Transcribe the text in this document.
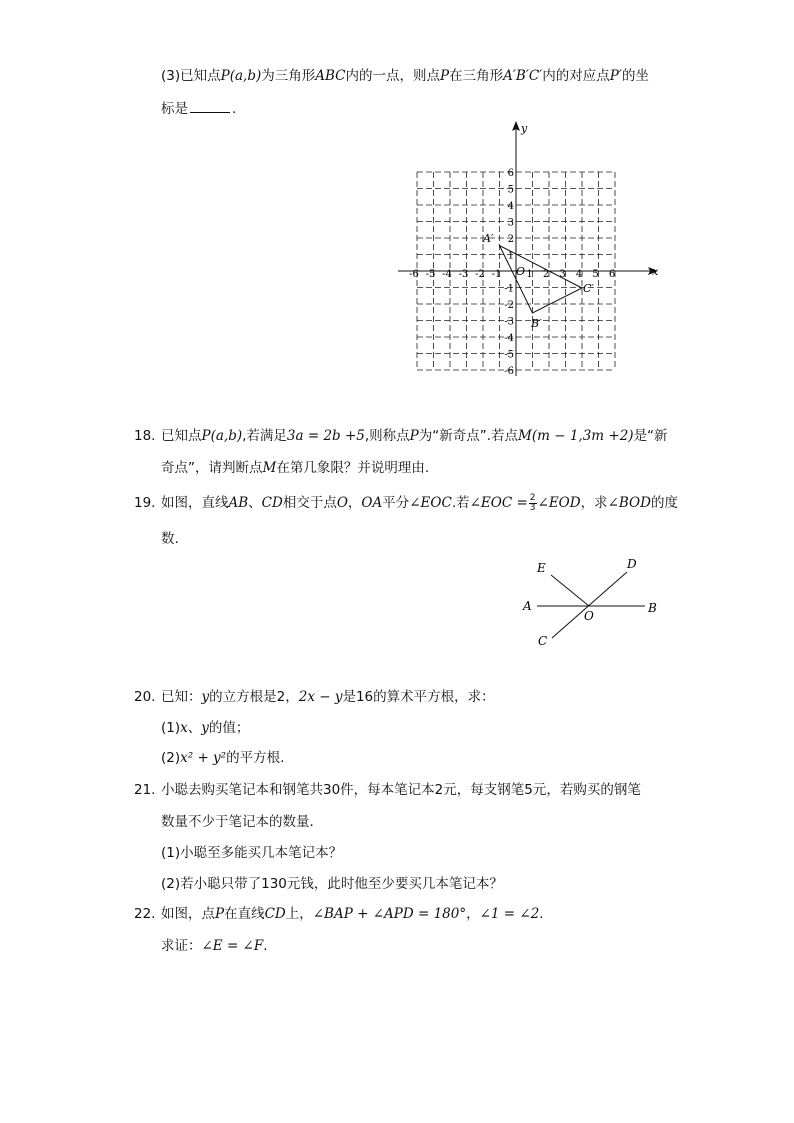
(3)已知点P(a,b)为三角形ABC内的一点，则点P在三角形A′B′C′内的对应点P′的坐
标是	.
x
y
O
-6 -5 -4 -3 -2 -1 1 2 3 4 5 6
6
5
4
3
2
1
-1
-2
-3
-4
-5
-6
A′
B′
C′
18. 已知点P(a,b),若满足3a = 2b +5,则称点P为“新奇点”.若点M(m − 1,3m +2)是“新
奇点”，请判断点M在第几象限？并说明理由.
19. 如图，直线AB、CD相交于点O，OA平分∠EOC.若∠EOC = $\frac{2}{3}$ ∠EOD，求∠BOD的度
数.
E	D
A	B
O
C
20. 已知：y的立方根是2，2x − y是16的算术平方根，求：
(1)x、y的值；
(2)x² + y²的平方根.
21. 小聪去购买笔记本和钢笔共30件，每本笔记本2元，每支钢笔5元，若购买的钢笔
数量不少于笔记本的数量.
(1)小聪至多能买几本笔记本？
(2)若小聪只带了130元钱，此时他至少要买几本笔记本？
22. 如图，点P在直线CD上，∠BAP + ∠APD = 180°，∠1 = ∠2.
求证：∠E = ∠F.
